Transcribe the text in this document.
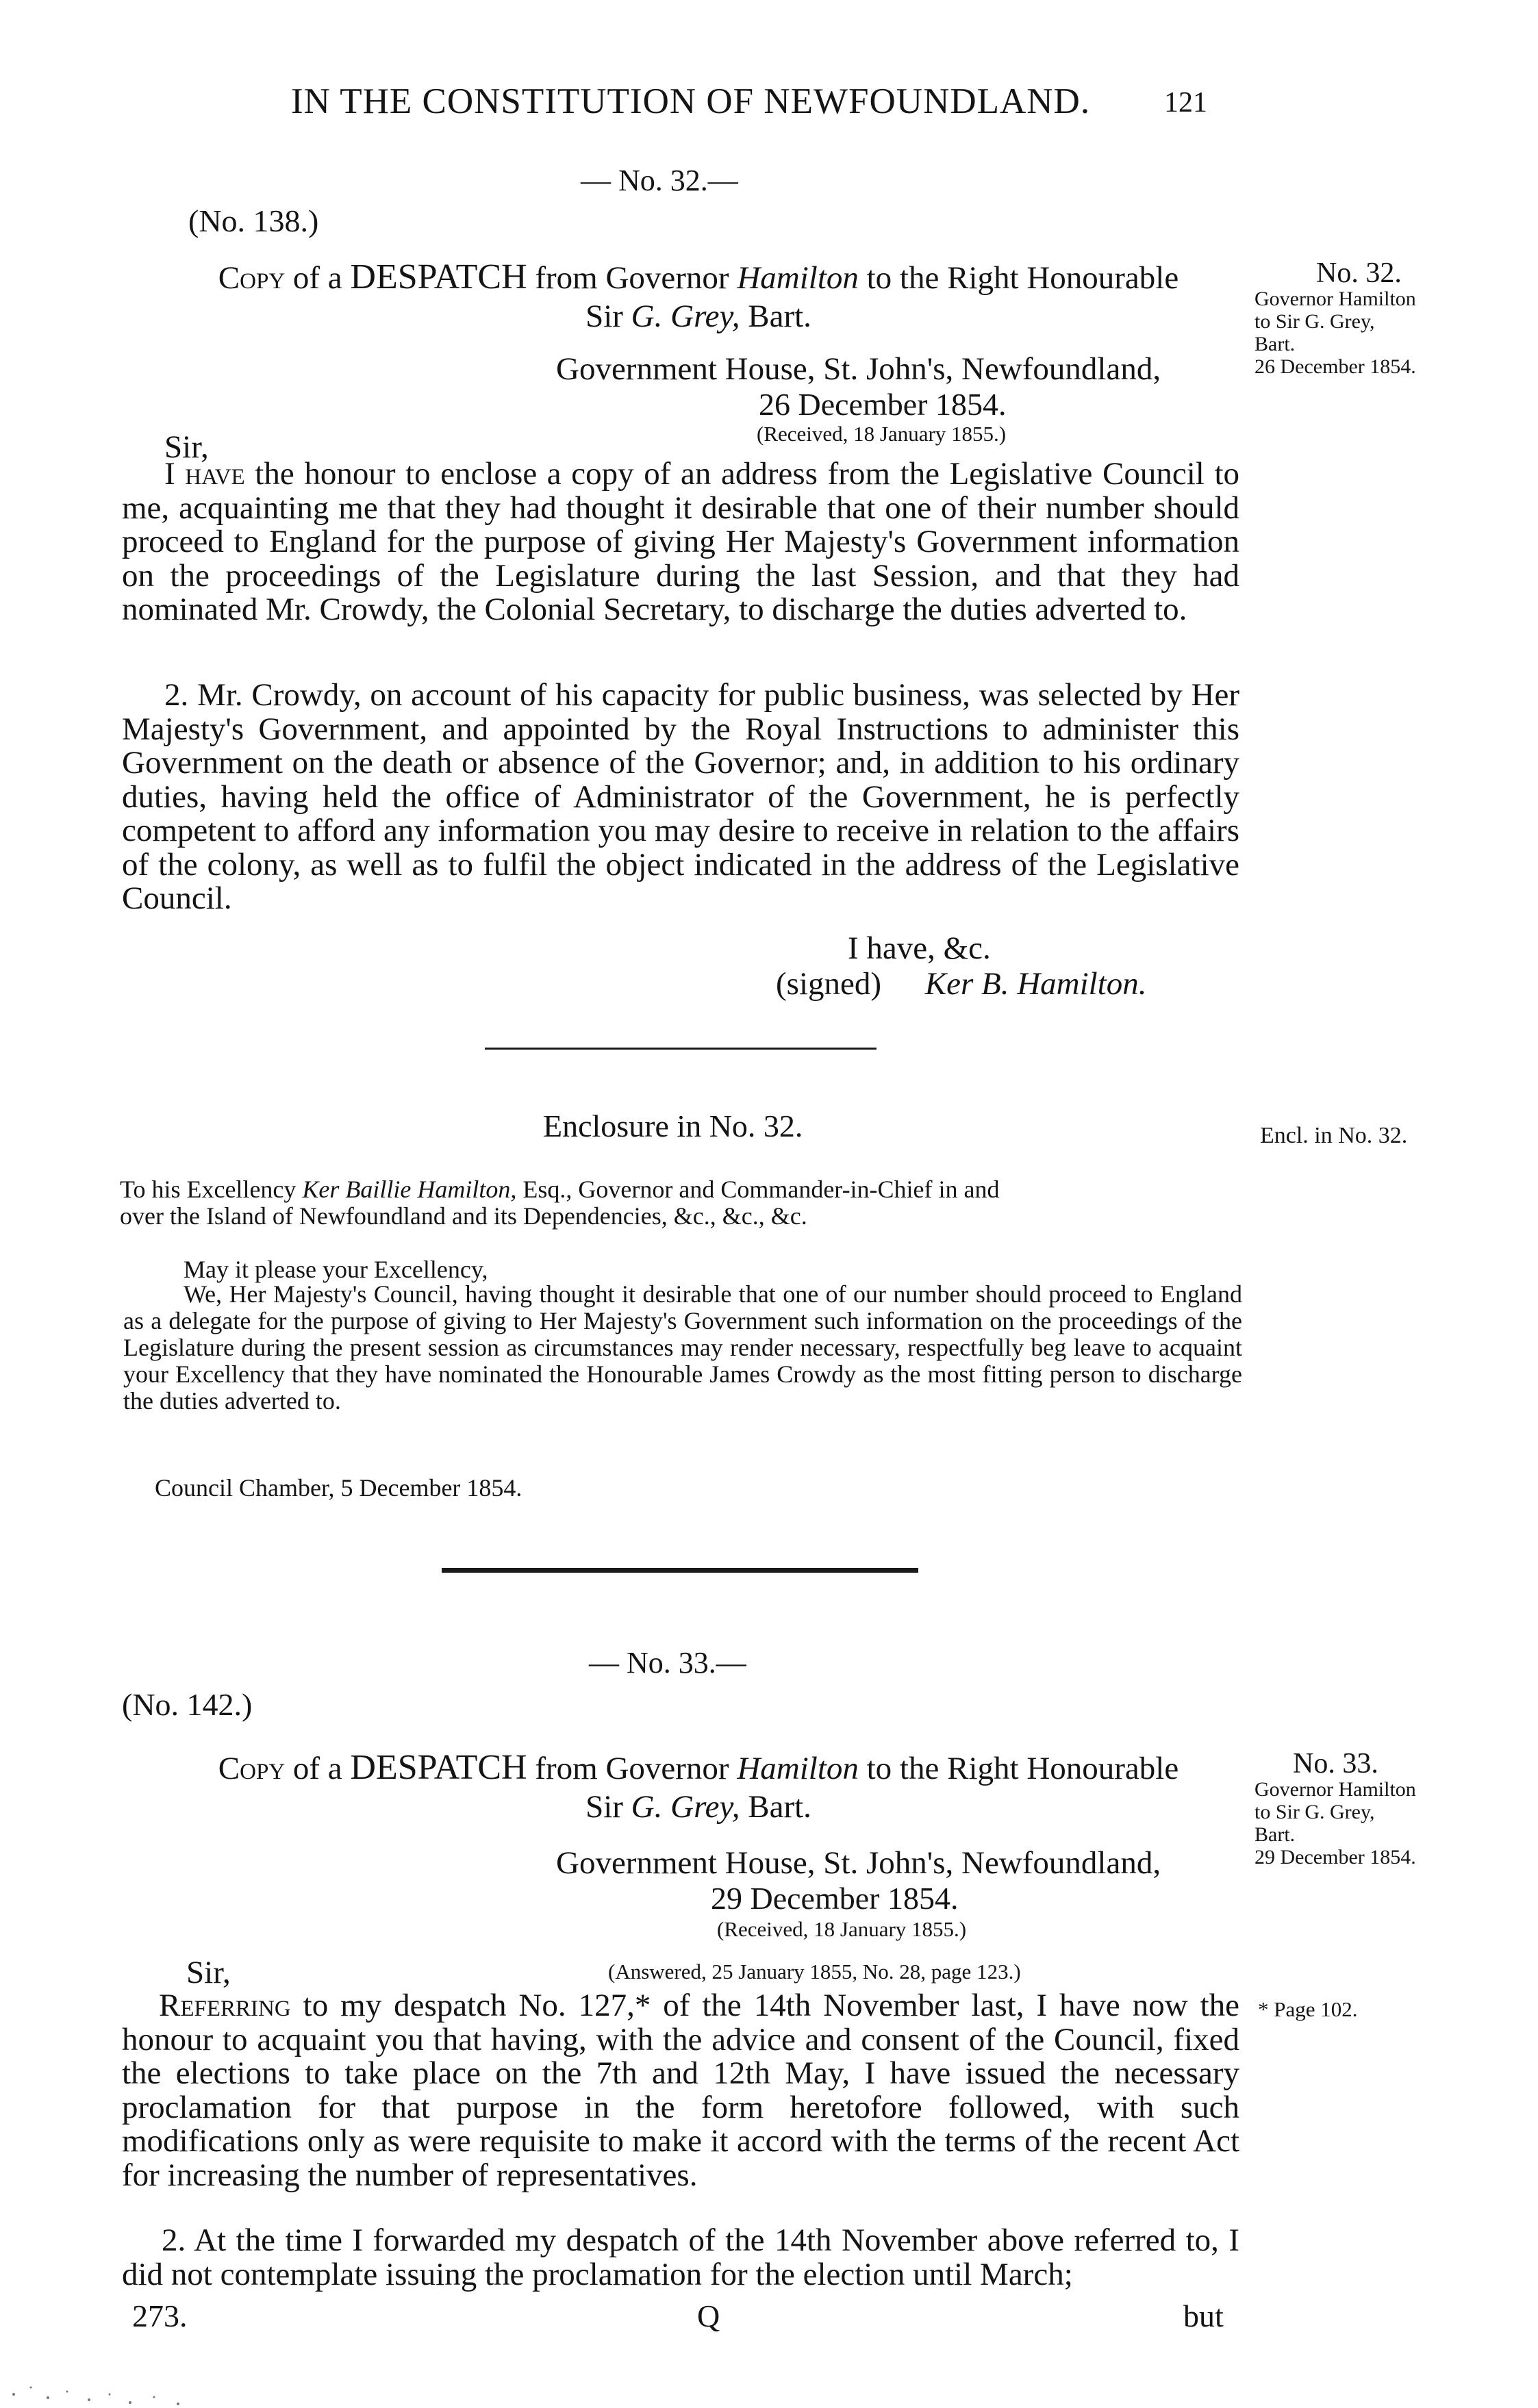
IN THE CONSTITUTION OF NEWFOUNDLAND.	121
— No. 32.—
(No. 138.)
Copy of a DESPATCH from Governor Hamilton to the Right Honourable
Sir G. Grey, Bart.
Government House, St. John's, Newfoundland,
26 December 1854.
(Received, 18 January 1855.)
Sir,
I have the honour to enclose a copy of an address from the Legislative Council to me, acquainting me that they had thought it desirable that one of their number should proceed to England for the purpose of giving Her Majesty's Government information on the proceedings of the Legislature during the last Session, and that they had nominated Mr. Crowdy, the Colonial Secretary, to discharge the duties adverted to.
2. Mr. Crowdy, on account of his capacity for public business, was selected by Her Majesty's Government, and appointed by the Royal Instructions to administer this Government on the death or absence of the Governor; and, in addition to his ordinary duties, having held the office of Administrator of the Government, he is perfectly competent to afford any information you may desire to receive in relation to the affairs of the colony, as well as to fulfil the object indicated in the address of the Legislative Council.
I have, &c.
(signed) Ker B. Hamilton.
No. 32.
Governor Hamilton
to Sir G. Grey,
Bart.
26 December 1854.
Enclosure in No. 32.	Encl. in No. 32.
To his Excellency Ker Baillie Hamilton, Esq., Governor and Commander-in-Chief in and
over the Island of Newfoundland and its Dependencies, &c., &c., &c.
May it please your Excellency,
We, Her Majesty's Council, having thought it desirable that one of our number should proceed to England as a delegate for the purpose of giving to Her Majesty's Government such information on the proceedings of the Legislature during the present session as circumstances may render necessary, respectfully beg leave to acquaint your Excellency that they have nominated the Honourable James Crowdy as the most fitting person to discharge the duties adverted to.
Council Chamber, 5 December 1854.
— No. 33.—
(No. 142.)
Copy of a DESPATCH from Governor Hamilton to the Right Honourable
Sir G. Grey, Bart.
Government House, St. John's, Newfoundland,
29 December 1854.
(Received, 18 January 1855.)
Sir,	(Answered, 25 January 1855, No. 28, page 123.)
Referring to my despatch No. 127,* of the 14th November last, I have now the honour to acquaint you that having, with the advice and consent of the Council, fixed the elections to take place on the 7th and 12th May, I have issued the necessary proclamation for that purpose in the form heretofore followed, with such modifications only as were requisite to make it accord with the terms of the recent Act for increasing the number of representatives.
2. At the time I forwarded my despatch of the 14th November above referred to, I did not contemplate issuing the proclamation for the election until March;
No. 33.
Governor Hamilton
to Sir G. Grey,
Bart.
29 December 1854.
* Page 102.
273.	Q	but
